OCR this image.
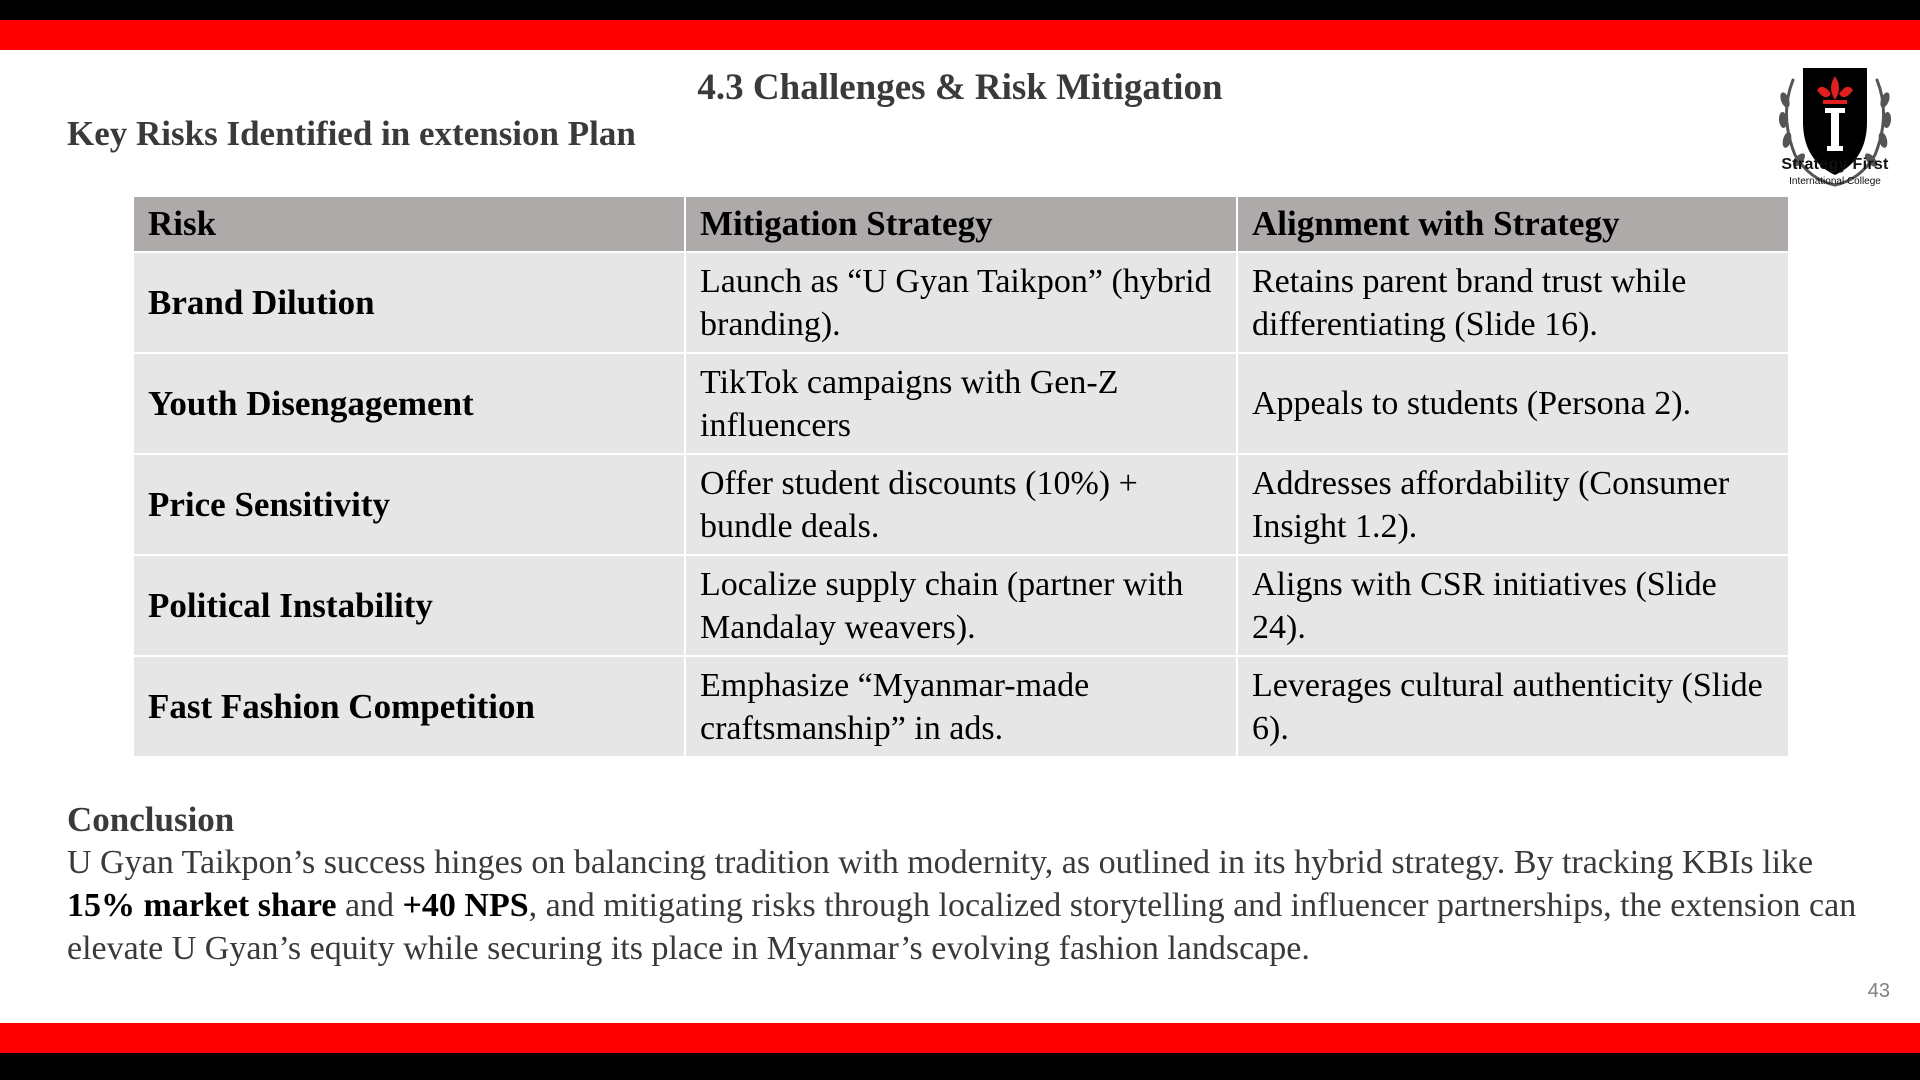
4.3 Challenges & Risk Mitigation
Key Risks Identified in extension Plan
Strategy First
International College
Risk	Mitigation Strategy	Alignment with Strategy
Brand Dilution	Launch as “U Gyan Taikpon” (hybrid branding).	Retains parent brand trust while differentiating (Slide 16).
Youth Disengagement	TikTok campaigns with Gen-Z influencers	Appeals to students (Persona 2).
Price Sensitivity	Offer student discounts (10%) + bundle deals.	Addresses affordability (Consumer Insight 1.2).
Political Instability	Localize supply chain (partner with Mandalay weavers).	Aligns with CSR initiatives (Slide 24).
Fast Fashion Competition	Emphasize “Myanmar-made craftsmanship” in ads.	Leverages cultural authenticity (Slide 6).
Conclusion
U Gyan Taikpon’s success hinges on balancing tradition with modernity, as outlined in its hybrid strategy. By tracking KBIs like 15% market share and +40 NPS, and mitigating risks through localized storytelling and influencer partnerships, the extension can elevate U Gyan’s equity while securing its place in Myanmar’s evolving fashion landscape.
43
